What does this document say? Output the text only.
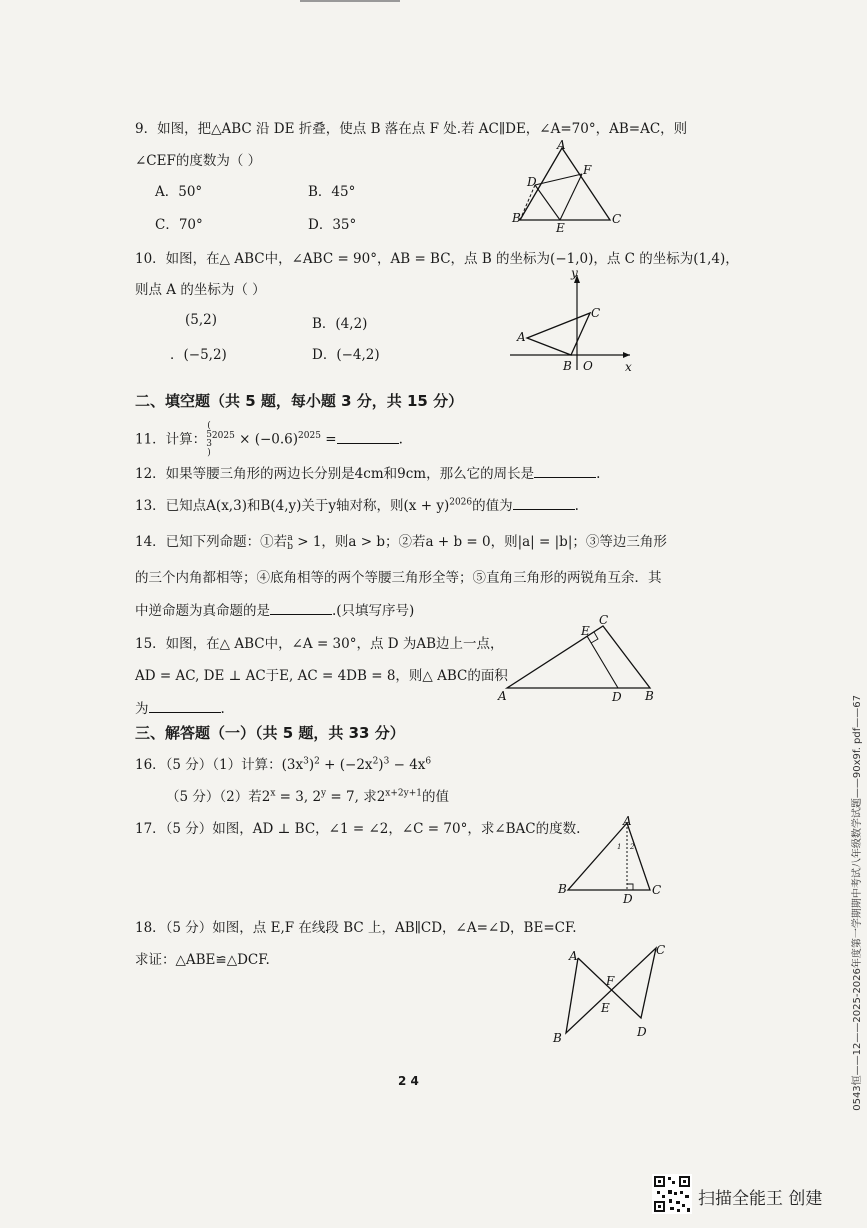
9．如图，把△ABC 沿 DE 折叠，使点 B 落在点 F 处.若 AC∥DE，∠A=70°，AB=AC，则
∠CEF的度数为（ ）
A．50°	B．45°
C．70°	D．35°
A
B	C
D
E
F
10．如图，在△ ABC中，∠ABC = 90°，AB = BC，点 B 的坐标为(−1,0)，点 C 的坐标为(1,4)，
则点 A 的坐标为（ ）
(5,2)	B．(4,2)
．(−5,2)	D．(−4,2)
y
x
C
A
B O
二、填空题（共 5 题，每小题 3 分，共 15 分）
11．计算：(
5
3
)$^{2025} \times (-0.6)^{2025}$ =	.
12．如果等腰三角形的两边长分别是4cm和9cm，那么它的周长是	.
13．已知点A(x,3)和B(4,y)关于y轴对称，则$(x + y)^{2026}$的值为	.
14．已知下列命题：①若 a
b > 1，则a > b；②若a + b = 0，则|a| = |b|；③等边三角形
的三个内角都相等；④底角相等的两个等腰三角形全等；⑤直角三角形的两锐角互余．其
中逆命题为真命题的是	.(只填写序号)
15．如图，在△ ABC中，∠A = 30°，点 D 为AB边上一点，
AD = AC, DE ⊥ AC于E, AC = 4DB = 8，则△ ABC的面积
为	.
A
E
C
D B
三、解答题（一）（共 5 题，共 33 分）
16．（5 分）（1）计算：$(3x^3)^2 + (-2x^2)^3 - 4x^6$
（5 分）（2）若$2^x = 3$, $2^y = 7$, 求$2^{x+2y+1}$的值
17．（5 分）如图，AD ⊥ BC，∠1 = ∠2，∠C = 70°，求∠BAC的度数.	A
B	C
D
1 2
18．（5 分）如图，点 E,F 在线段 BC 上，AB∥CD，∠A=∠D，BE=CF.
求证：△ABE≌△DCF.	A
B
C
D
E
F
2 4	0543恒——12——2025-2026年度第一学期期中考试八年级数学试题——90x9f. pdf——67
扫描全能王 创建
